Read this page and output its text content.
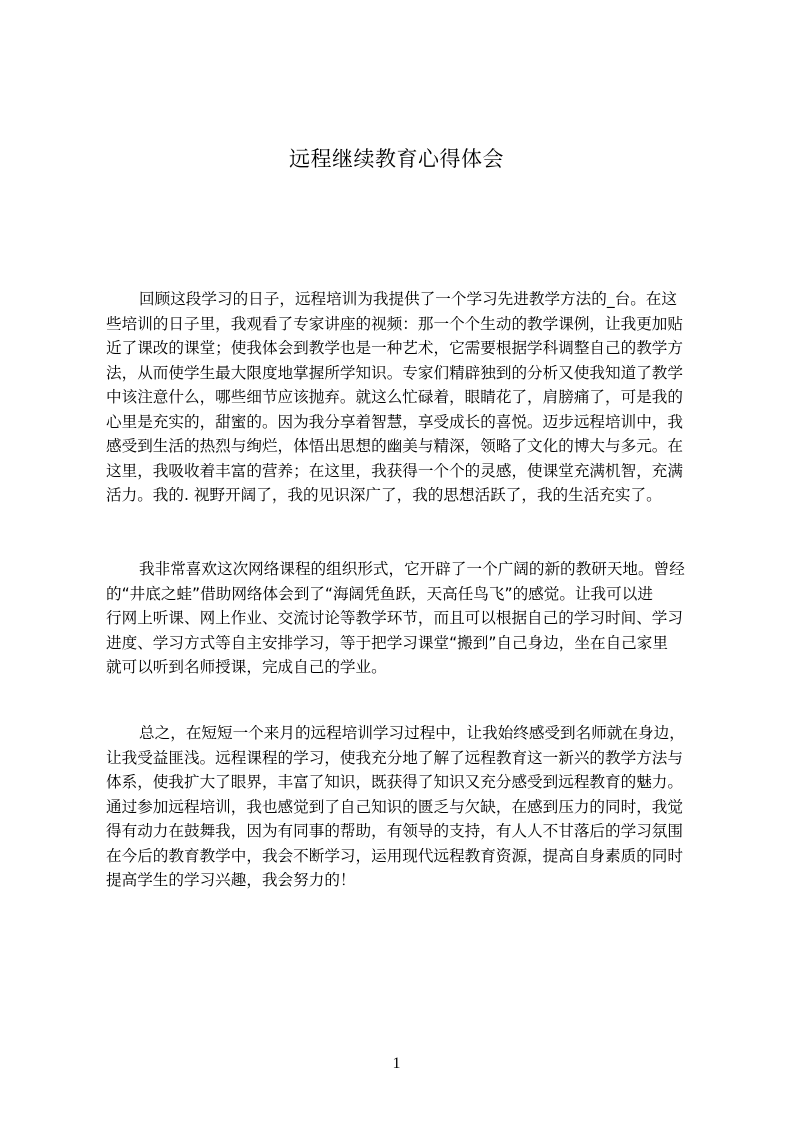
远程继续教育心得体会
回顾这段学习的日子，远程培训为我提供了一个学习先进教学方法的_台。在这
些培训的日子里，我观看了专家讲座的视频：那一个个生动的教学课例，让我更加贴
近了课改的课堂；使我体会到教学也是一种艺术，它需要根据学科调整自己的教学方
法，从而使学生最大限度地掌握所学知识。专家们精辟独到的分析又使我知道了教学
中该注意什么，哪些细节应该抛弃。就这么忙碌着，眼睛花了，肩膀痛了，可是我的
心里是充实的，甜蜜的。因为我分享着智慧，享受成长的喜悦。迈步远程培训中，我
感受到生活的热烈与绚烂，体悟出思想的幽美与精深，领略了文化的博大与多元。在
这里，我吸收着丰富的营养；在这里，我获得一个个的灵感，使课堂充满机智，充满
活力。我的. 视野开阔了，我的见识深广了，我的思想活跃了，我的生活充实了。
我非常喜欢这次网络课程的组织形式，它开辟了一个广阔的新的教研天地。曾经
的“井底之蛙”借助网络体会到了“海阔凭鱼跃，天高任鸟飞”的感觉。让我可以进
行网上听课、网上作业、交流讨论等教学环节，而且可以根据自己的学习时间、学习
进度、学习方式等自主安排学习，等于把学习课堂“搬到”自己身边，坐在自己家里
就可以听到名师授课，完成自己的学业。
总之，在短短一个来月的远程培训学习过程中，让我始终感受到名师就在身边，
让我受益匪浅。远程课程的学习，使我充分地了解了远程教育这一新兴的教学方法与
体系，使我扩大了眼界，丰富了知识，既获得了知识又充分感受到远程教育的魅力。
通过参加远程培训，我也感觉到了自己知识的匮乏与欠缺，在感到压力的同时，我觉
得有动力在鼓舞我，因为有同事的帮助，有领导的支持，有人人不甘落后的学习氛围
在今后的教育教学中，我会不断学习，运用现代远程教育资源，提高自身素质的同时
提高学生的学习兴趣，我会努力的！
1
